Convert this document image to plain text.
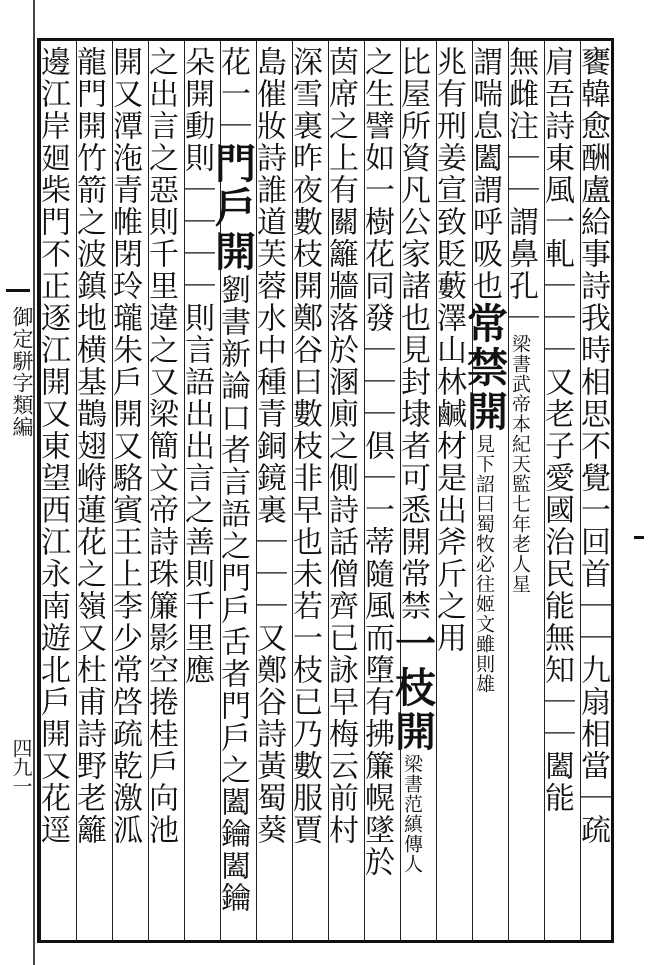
御定駢字類編
四九一
饔韓愈酬盧給事詩我時相思不覺一回首｜｜九扇相當｜疏
肩吾詩東風一軋｜｜｜又老子愛國治民能無知｜｜闔能
無雌注｜｜謂鼻孔｜梁書武帝本紀天監七年老人星
謂喘息闔謂呼吸也常禁開見下詔曰蜀牧必往姬文雖則雄
兆有刑姜宣致貶藪澤山林鹹材是出斧斤之用
比屋所資凡公家諸也見封埭者可悉開常禁一枝開梁書范縝傳人
之生譬如一樹花同發｜｜｜俱｜一蒂隨風而墮有拂簾幌墜於
茵席之上有關籬牆落於溷廁之側詩話僧齊已詠早梅云前村
深雪裏昨夜數枝開鄭谷曰數枝非早也未若一枝已乃數服賈
島催妝詩誰道芙蓉水中種青銅鏡裏｜｜｜又鄭谷詩黃蜀葵
花一｜門戶開劉書新論口者言語之門戶舌者門戶之闔鑰闔鑰
朵開動則｜｜｜｜則言語出出言之善則千里應
之出言之惡則千里違之又梁簡文帝詩珠簾影空捲桂戶向池
開又潭沲青帷閉玲瓏朱戶開又駱賓王上李少常啓疏乾激泒
龍門開竹箭之波鎮地横基鵲翅崻蓮花之嶺又杜甫詩野老籬
邊江岸廻柴門不正逐江開又東望西江永南遊北戶開又花逕
